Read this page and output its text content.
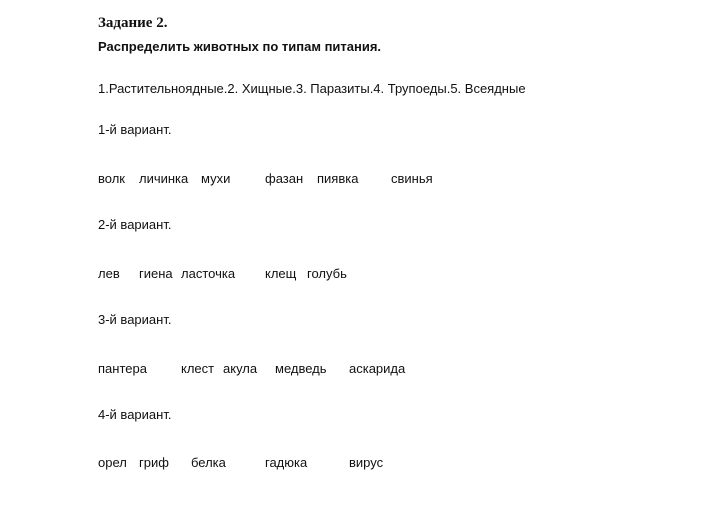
Задание 2.
Распределить животных по типам питания.
1.Растительноядные.2. Хищные.3. Паразиты.4. Трупоеды.5. Всеядные
1-й вариант.
волк личинка мухи	фазан пиявка	свинья
2-й вариант.
лев гиена ласточка клещ голубь
3-й вариант.
пантера	клест акула медведь аскарида
4-й вариант.
орел гриф белка	гадюка	вирус
